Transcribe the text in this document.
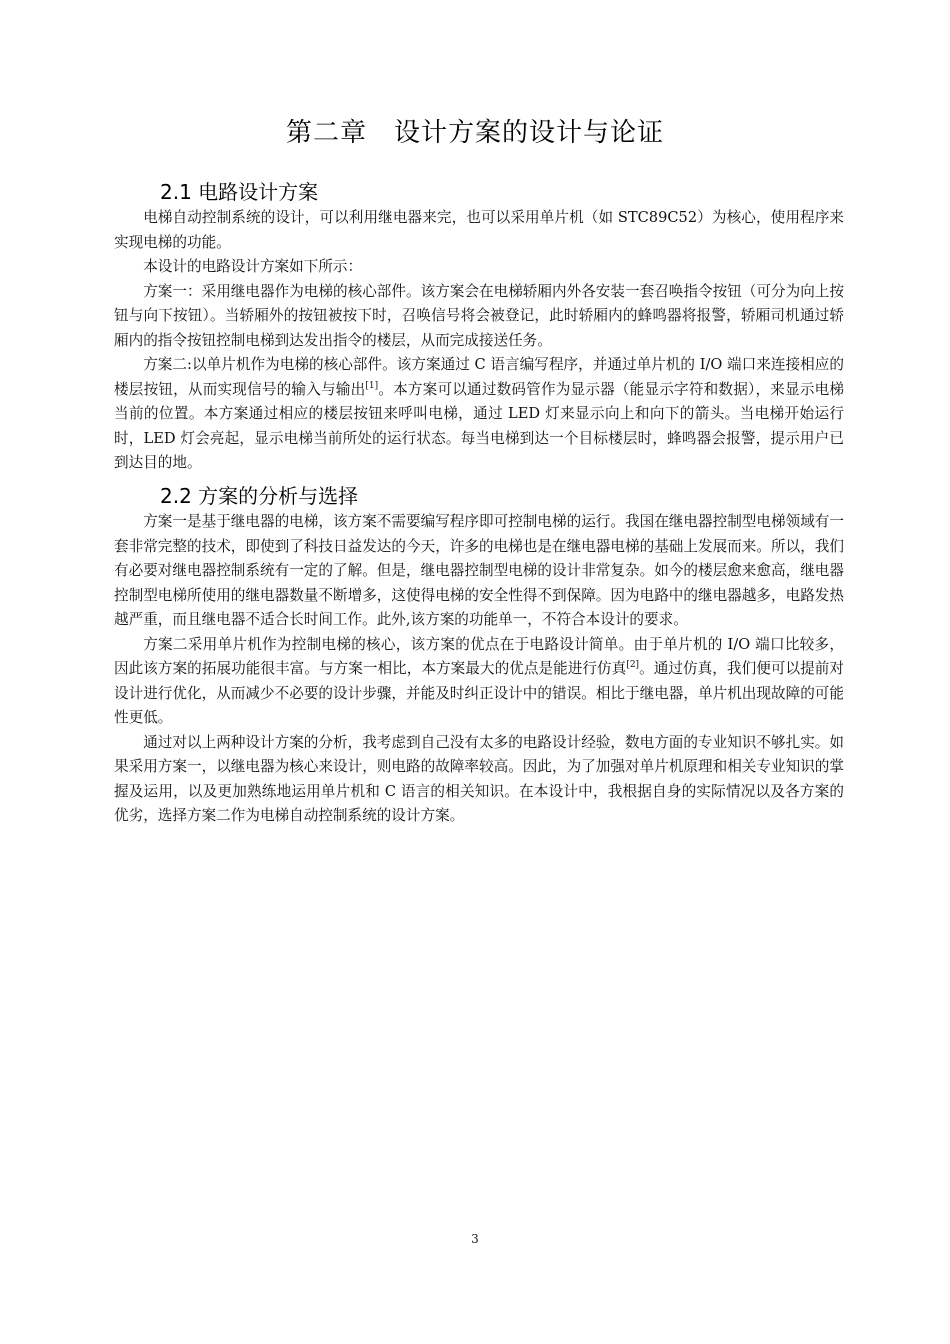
第二章　设计方案的设计与论证
2.1 电路设计方案

电梯自动控制系统的设计，可以利用继电器来完，也可以采用单片机（如 STC89C52）为核心，使用程序来实现电梯的功能。

本设计的电路设计方案如下所示：

方案一：采用继电器作为电梯的核心部件。该方案会在电梯轿厢内外各安装一套召唤指令按钮（可分为向上按钮与向下按钮）。当轿厢外的按钮被按下时，召唤信号将会被登记，此时轿厢内的蜂鸣器将报警，轿厢司机通过轿厢内的指令按钮控制电梯到达发出指令的楼层，从而完成接送任务。

方案二:以单片机作为电梯的核心部件。该方案通过 C 语言编写程序，并通过单片机的 I/O 端口来连接相应的楼层按钮，从而实现信号的输入与输出[1]。本方案可以通过数码管作为显示器（能显示字符和数据），来显示电梯当前的位置。本方案通过相应的楼层按钮来呼叫电梯，通过 LED 灯来显示向上和向下的箭头。当电梯开始运行时，LED 灯会亮起，显示电梯当前所处的运行状态。每当电梯到达一个目标楼层时，蜂鸣器会报警，提示用户已到达目的地。

2.2 方案的分析与选择

方案一是基于继电器的电梯，该方案不需要编写程序即可控制电梯的运行。我国在继电器控制型电梯领域有一套非常完整的技术，即使到了科技日益发达的今天，许多的电梯也是在继电器电梯的基础上发展而来。所以，我们有必要对继电器控制系统有一定的了解。但是，继电器控制型电梯的设计非常复杂。如今的楼层愈来愈高，继电器控制型电梯所使用的继电器数量不断增多，这使得电梯的安全性得不到保障。因为电路中的继电器越多，电路发热越严重，而且继电器不适合长时间工作。此外,该方案的功能单一，不符合本设计的要求。

方案二采用单片机作为控制电梯的核心，该方案的优点在于电路设计简单。由于单片机的 I/O 端口比较多，因此该方案的拓展功能很丰富。与方案一相比，本方案最大的优点是能进行仿真[2]。通过仿真，我们便可以提前对设计进行优化，从而减少不必要的设计步骤，并能及时纠正设计中的错误。相比于继电器，单片机出现故障的可能性更低。

通过对以上两种设计方案的分析，我考虑到自己没有太多的电路设计经验，数电方面的专业知识不够扎实。如果采用方案一，以继电器为核心来设计，则电路的故障率较高。因此，为了加强对单片机原理和相关专业知识的掌握及运用，以及更加熟练地运用单片机和 C 语言的相关知识。在本设计中，我根据自身的实际情况以及各方案的优劣，选择方案二作为电梯自动控制系统的设计方案。

3
